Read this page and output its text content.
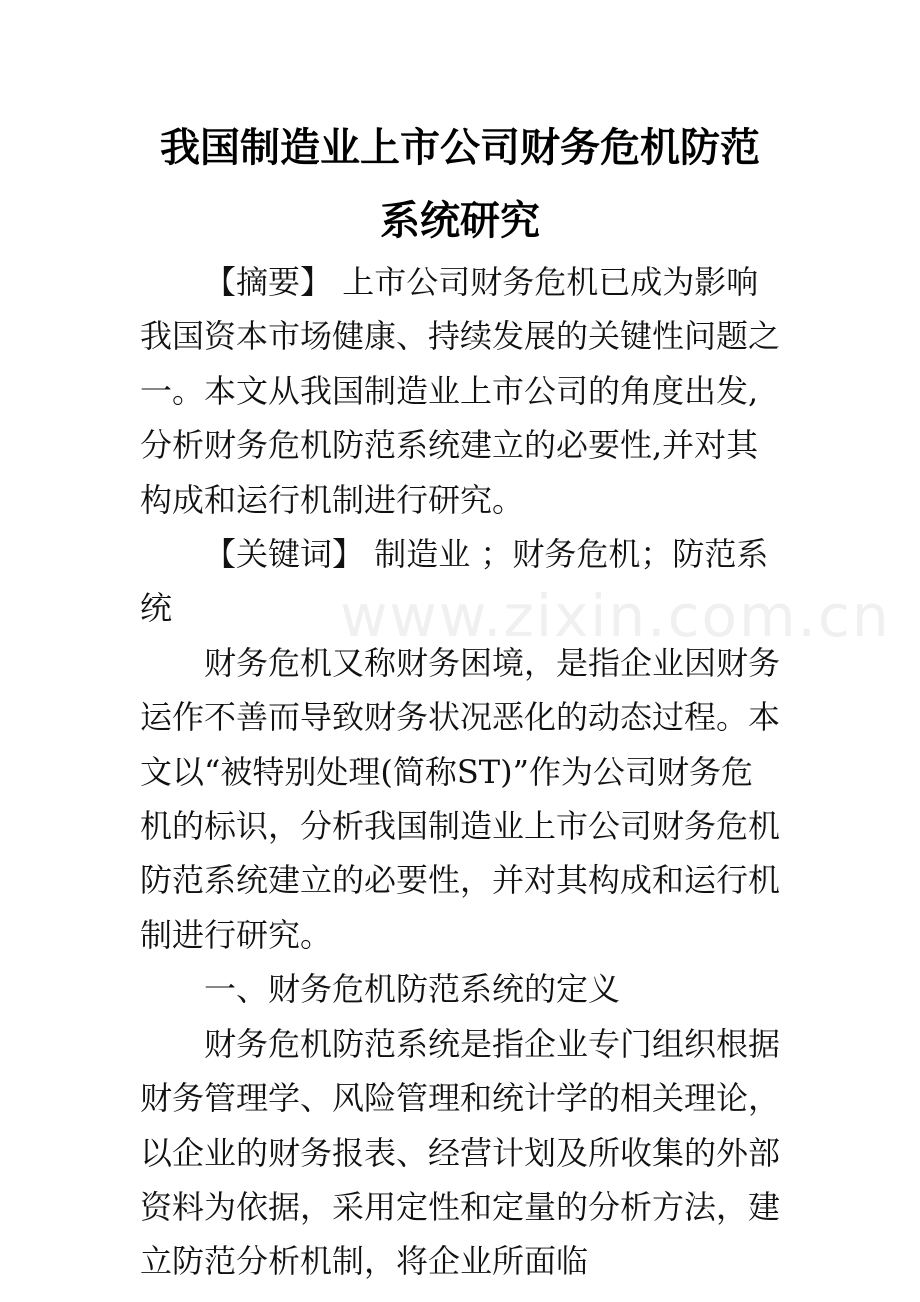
我国制造业上市公司财务危机防范
系统研究

【摘要】 上市公司财务危机已成为影响我国资本市场健康、持续发展的关键性问题之一。本文从我国制造业上市公司的角度出发,分析财务危机防范系统建立的必要性,并对其构成和运行机制进行研究。

【关键词】 制造业 ；财务危机；防范系统

财务危机又称财务困境，是指企业因财务运作不善而导致财务状况恶化的动态过程。本文以“被特别处理(简称ST)”作为公司财务危机的标识，分析我国制造业上市公司财务危机防范系统建立的必要性，并对其构成和运行机制进行研究。

一、财务危机防范系统的定义

财务危机防范系统是指企业专门组织根据财务管理学、风险管理和统计学的相关理论，以企业的财务报表、经营计划及所收集的外部资料为依据，采用定性和定量的分析方法，建立防范分析机制，将企业所面临

www.zixin.com.cn
